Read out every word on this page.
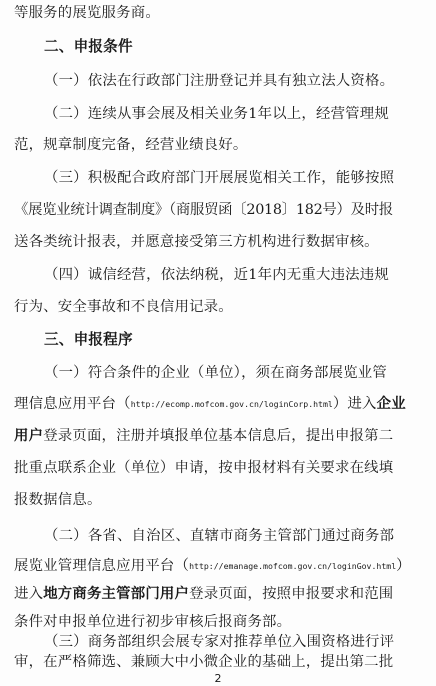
等服务的展览服务商。
二、申报条件
（一）依法在行政部门注册登记并具有独立法人资格。
（二）连续从事会展及相关业务1年以上，经营管理规
范，规章制度完备，经营业绩良好。
（三）积极配合政府部门开展展览相关工作，能够按照
《展览业统计调查制度》（商服贸函〔2018〕182号）及时报
送各类统计报表，并愿意接受第三方机构进行数据审核。
（四）诚信经营，依法纳税，近1年内无重大违法违规
行为、安全事故和不良信用记录。
三、申报程序
（一）符合条件的企业（单位），须在商务部展览业管
理信息应用平台（http://ecomp.mofcom.gov.cn/loginCorp.html）进入企业
用户登录页面，注册并填报单位基本信息后，提出申报第二
批重点联系企业（单位）申请，按申报材料有关要求在线填
报数据信息。
（二）各省、自治区、直辖市商务主管部门通过商务部
展览业管理信息应用平台（http://emanage.mofcom.gov.cn/loginGov.html）
进入地方商务主管部门用户登录页面，按照申报要求和范围
条件对申报单位进行初步审核后报商务部。
（三）商务部组织会展专家对推荐单位入围资格进行评
审，在严格筛选、兼顾大中小微企业的基础上，提出第二批
2
